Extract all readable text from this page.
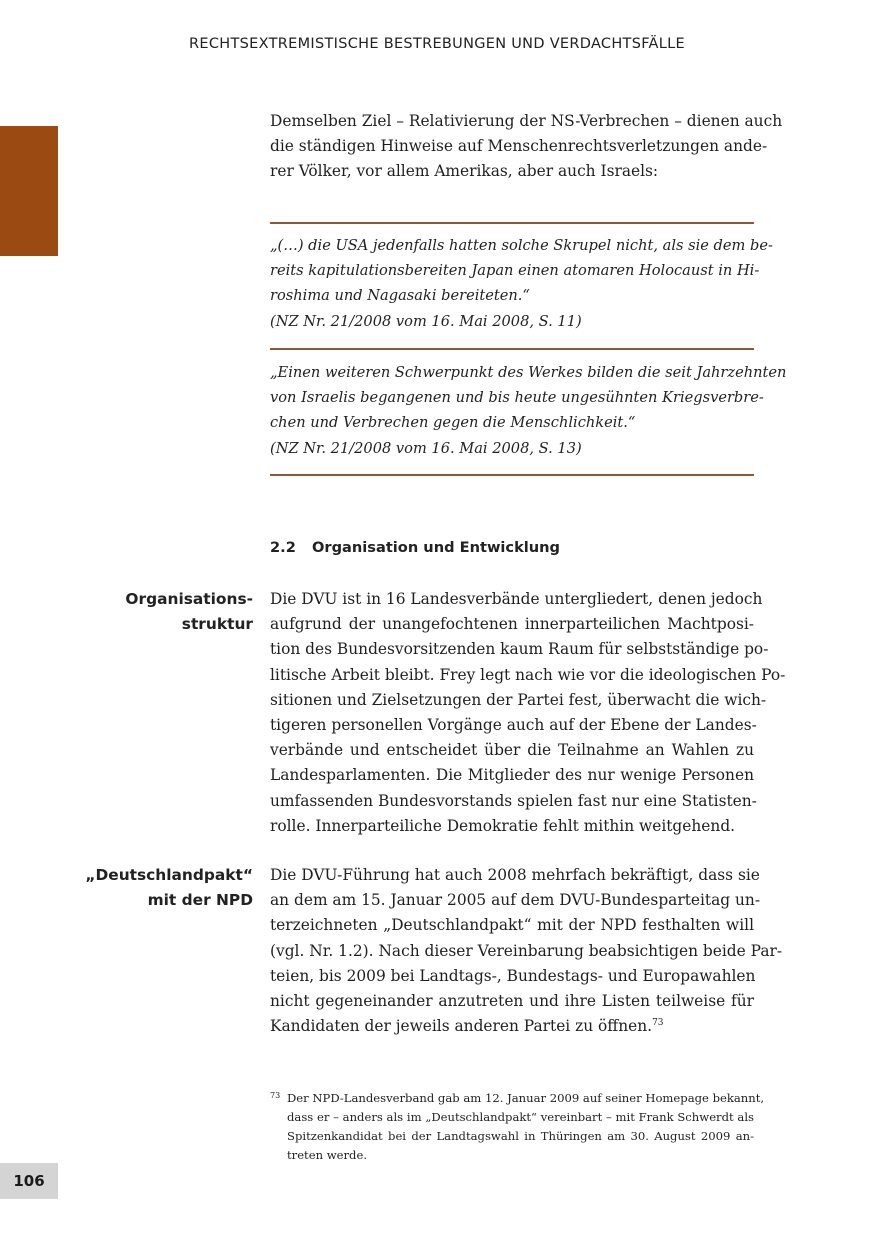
RECHTSEXTREMISTISCHE BESTREBUNGEN UND VERDACHTSFÄLLE
Demselben Ziel – Relativierung der NS-Verbrechen – dienen auch
die ständigen Hinweise auf Menschenrechtsverletzungen ande-
rer Völker, vor allem Amerikas, aber auch Israels:
„(…) die USA jedenfalls hatten solche Skrupel nicht, als sie dem be-
reits kapitulationsbereiten Japan einen atomaren Holocaust in Hi-
roshima und Nagasaki bereiteten.“
(NZ Nr. 21/2008 vom 16. Mai 2008, S. 11)
„Einen weiteren Schwerpunkt des Werkes bilden die seit Jahrzehnten
von Israelis begangenen und bis heute ungesühnten Kriegsverbre-
chen und Verbrechen gegen die Menschlichkeit.“
(NZ Nr. 21/2008 vom 16. Mai 2008, S. 13)
2.2 Organisation und Entwicklung
Organisations-
struktur
Die DVU ist in 16 Landesverbände untergliedert, denen jedoch
aufgrund der unangefochtenen innerparteilichen Machtposi-
tion des Bundesvorsitzenden kaum Raum für selbstständige po-
litische Arbeit bleibt. Frey legt nach wie vor die ideologischen Po-
sitionen und Zielsetzungen der Partei fest, überwacht die wich-
tigeren personellen Vorgänge auch auf der Ebene der Landes-
verbände und entscheidet über die Teilnahme an Wahlen zu
Landesparlamenten. Die Mitglieder des nur wenige Personen
umfassenden Bundesvorstands spielen fast nur eine Statisten-
rolle. Innerparteiliche Demokratie fehlt mithin weitgehend.
„Deutschlandpakt“
mit der NPD
Die DVU-Führung hat auch 2008 mehrfach bekräftigt, dass sie
an dem am 15. Januar 2005 auf dem DVU-Bundesparteitag un-
terzeichneten „Deutschlandpakt“ mit der NPD festhalten will
(vgl. Nr. 1.2). Nach dieser Vereinbarung beabsichtigen beide Par-
teien, bis 2009 bei Landtags-, Bundestags- und Europawahlen
nicht gegeneinander anzutreten und ihre Listen teilweise für
Kandidaten der jeweils anderen Partei zu öffnen.$^{73}$
73 Der NPD-Landesverband gab am 12. Januar 2009 auf seiner Homepage bekannt,
dass er – anders als im „Deutschlandpakt“ vereinbart – mit Frank Schwerdt als
Spitzenkandidat bei der Landtagswahl in Thüringen am 30. August 2009 an-
treten werde.
106
